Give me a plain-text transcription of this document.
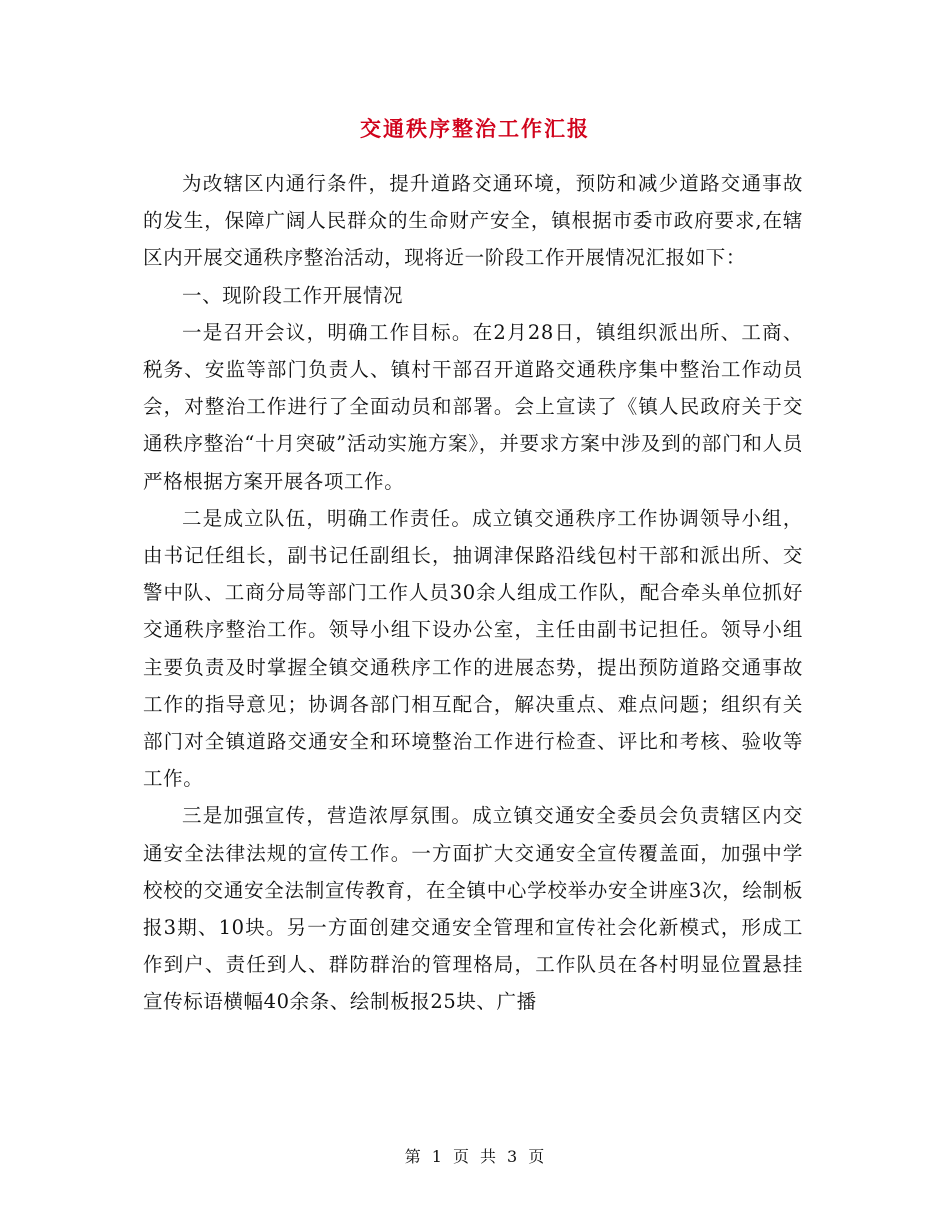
交通秩序整治工作汇报

为改辖区内通行条件，提升道路交通环境，预防和减少道路交通事故的发生，保障广阔人民群众的生命财产安全，镇根据市委市政府要求,在辖区内开展交通秩序整治活动，现将近一阶段工作开展情况汇报如下：

一、现阶段工作开展情况

一是召开会议，明确工作目标。在2月28日，镇组织派出所、工商、税务、安监等部门负责人、镇村干部召开道路交通秩序集中整治工作动员会，对整治工作进行了全面动员和部署。会上宣读了《镇人民政府关于交通秩序整治“十月突破”活动实施方案》，并要求方案中涉及到的部门和人员严格根据方案开展各项工作。

二是成立队伍，明确工作责任。成立镇交通秩序工作协调领导小组，由书记任组长，副书记任副组长，抽调津保路沿线包村干部和派出所、交警中队、工商分局等部门工作人员30余人组成工作队，配合牵头单位抓好交通秩序整治工作。领导小组下设办公室，主任由副书记担任。领导小组主要负责及时掌握全镇交通秩序工作的进展态势，提出预防道路交通事故工作的指导意见；协调各部门相互配合，解决重点、难点问题；组织有关部门对全镇道路交通安全和环境整治工作进行检查、评比和考核、验收等工作。

三是加强宣传，营造浓厚氛围。成立镇交通安全委员会负责辖区内交通安全法律法规的宣传工作。一方面扩大交通安全宣传覆盖面，加强中学校校的交通安全法制宣传教育，在全镇中心学校举办安全讲座3次，绘制板报3期、10块。另一方面创建交通安全管理和宣传社会化新模式，形成工作到户、责任到人、群防群治的管理格局，工作队员在各村明显位置悬挂宣传标语横幅40余条、绘制板报25块、广播

第 1 页 共 3 页
